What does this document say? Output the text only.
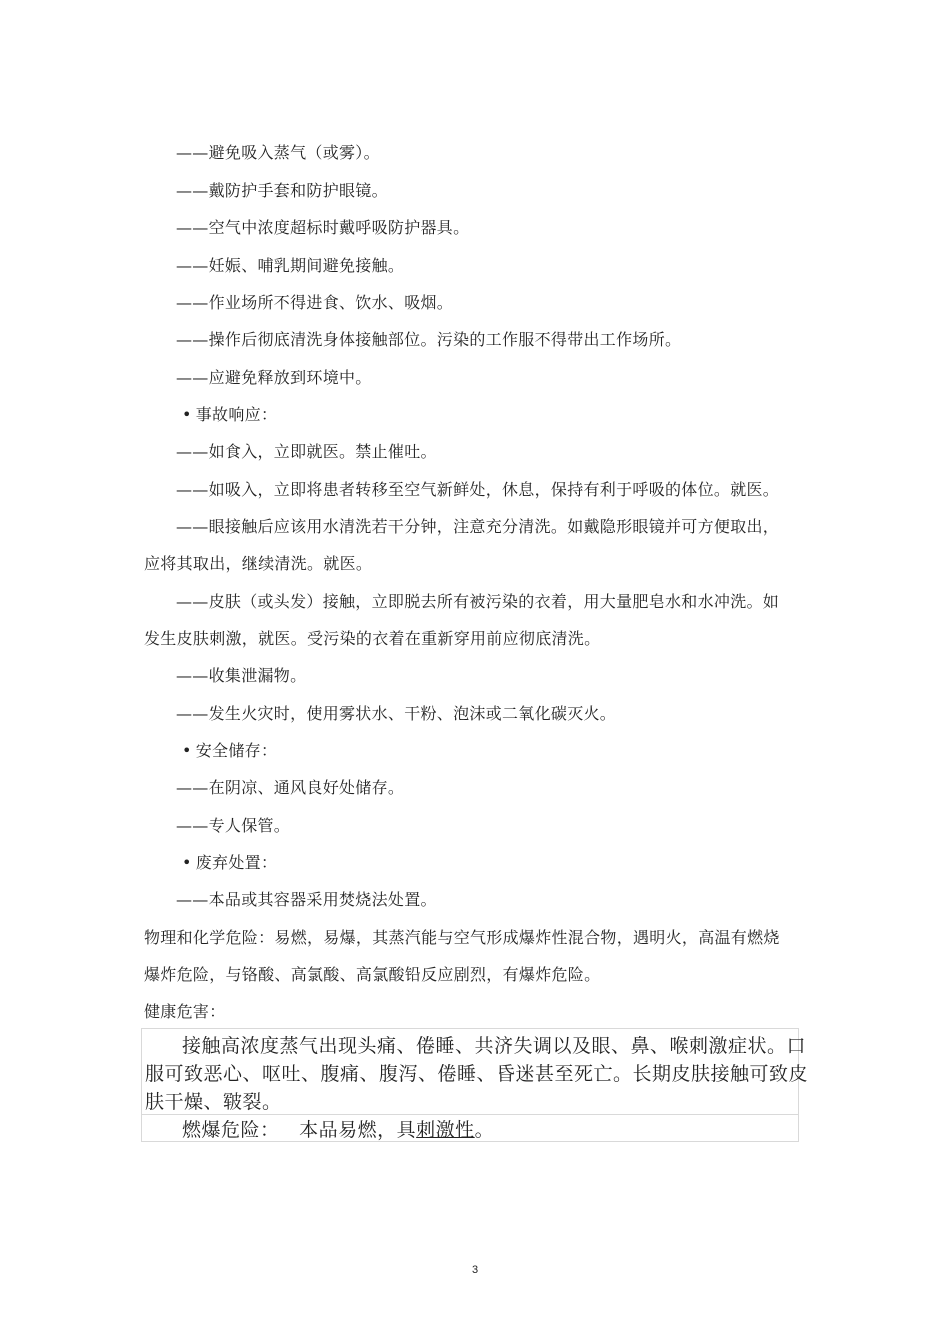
——避免吸入蒸气（或雾）。
——戴防护手套和防护眼镜。
——空气中浓度超标时戴呼吸防护器具。
——妊娠、哺乳期间避免接触。
——作业场所不得进食、饮水、吸烟。
——操作后彻底清洗身体接触部位。污染的工作服不得带出工作场所。
——应避免释放到环境中。
• 事故响应：
——如食入，立即就医。禁止催吐。
——如吸入，立即将患者转移至空气新鲜处，休息，保持有利于呼吸的体位。就医。
——眼接触后应该用水清洗若干分钟，注意充分清洗。如戴隐形眼镜并可方便取出，
应将其取出，继续清洗。就医。
——皮肤（或头发）接触，立即脱去所有被污染的衣着，用大量肥皂水和水冲洗。如
发生皮肤刺激，就医。受污染的衣着在重新穿用前应彻底清洗。
——收集泄漏物。
——发生火灾时，使用雾状水、干粉、泡沫或二氧化碳灭火。
• 安全储存：
——在阴凉、通风良好处储存。
——专人保管。
• 废弃处置：
——本品或其容器采用焚烧法处置。
物理和化学危险：易燃，易爆，其蒸汽能与空气形成爆炸性混合物，遇明火，高温有燃烧
爆炸危险，与铬酸、高氯酸、高氯酸铅反应剧烈，有爆炸危险。
健康危害：
接触高浓度蒸气出现头痛、倦睡、共济失调以及眼、鼻、喉刺激症状。口
服可致恶心、呕吐、腹痛、腹泻、倦睡、昏迷甚至死亡。长期皮肤接触可致皮
肤干燥、皲裂。
燃爆危险： 本品易燃，具刺激性。
3
